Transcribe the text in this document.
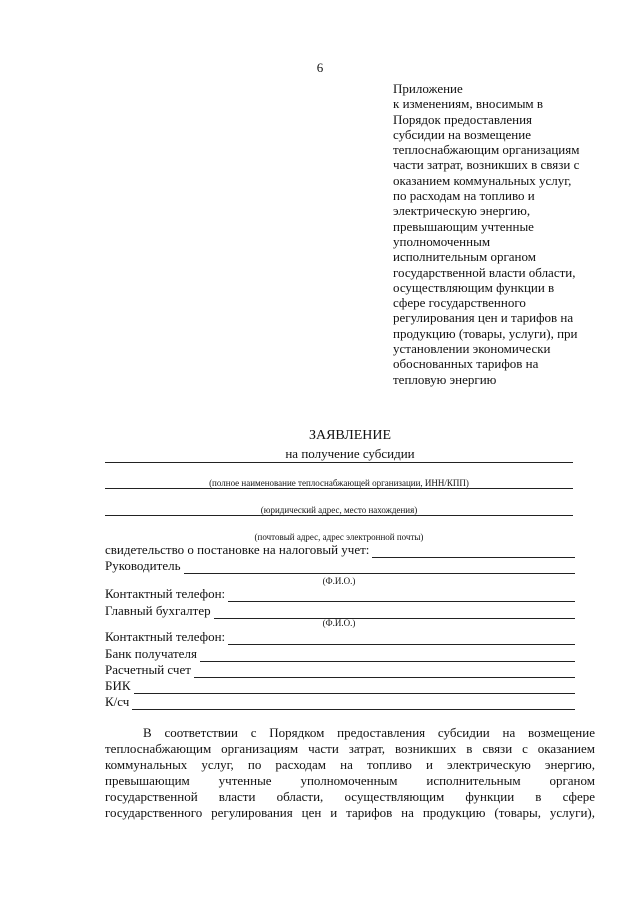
6
Приложение
к изменениям, вносимым в
Порядок предоставления
субсидии на возмещение
теплоснабжающим организациям
части затрат, возникших в связи с
оказанием коммунальных услуг,
по расходам на топливо и
электрическую энергию,
превышающим учтенные
уполномоченным
исполнительным органом
государственной власти области,
осуществляющим функции в
сфере государственного
регулирования цен и тарифов на
продукцию (товары, услуги), при
установлении экономически
обоснованных тарифов на
тепловую энергию
ЗАЯВЛЕНИЕ
на получение субсидии
(полное наименование теплоснабжающей организации, ИНН/КПП)
(юридический адрес, место нахождения)
(почтовый адрес, адрес электронной почты)
свидетельство о постановке на налоговый учет:
Руководитель
(Ф.И.О.)
Контактный телефон:
Главный бухгалтер
(Ф.И.О.)
Контактный телефон:
Банк получателя
Расчетный счет
БИК
К/сч
В соответствии с Порядком предоставления субсидии на возмещение
теплоснабжающим организациям части затрат, возникших в связи с оказанием
коммунальных услуг, по расходам на топливо и электрическую энергию,
превышающим учтенные уполномоченным исполнительным органом
государственной власти области, осуществляющим функции в сфере
государственного регулирования цен и тарифов на продукцию (товары, услуги),
